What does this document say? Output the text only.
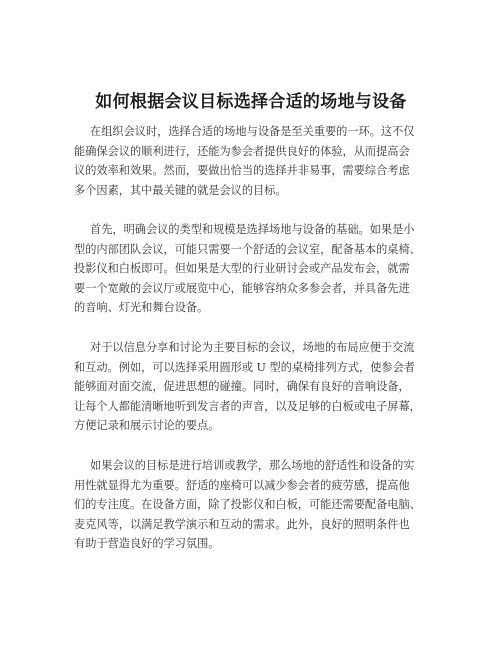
如何根据会议目标选择合适的场地与设备
在组织会议时，选择合适的场地与设备是至关重要的一环。这不仅
能确保会议的顺利进行，还能为参会者提供良好的体验，从而提高会
议的效率和效果。然而，要做出恰当的选择并非易事，需要综合考虑
多个因素，其中最关键的就是会议的目标。
首先，明确会议的类型和规模是选择场地与设备的基础。如果是小
型的内部团队会议，可能只需要一个舒适的会议室，配备基本的桌椅、
投影仪和白板即可。但如果是大型的行业研讨会或产品发布会，就需
要一个宽敞的会议厅或展览中心，能够容纳众多参会者，并具备先进
的音响、灯光和舞台设备。
对于以信息分享和讨论为主要目标的会议，场地的布局应便于交流
和互动。例如，可以选择采用圆形或 U 型的桌椅排列方式，使参会者
能够面对面交流，促进思想的碰撞。同时，确保有良好的音响设备，
让每个人都能清晰地听到发言者的声音，以及足够的白板或电子屏幕，
方便记录和展示讨论的要点。
如果会议的目标是进行培训或教学，那么场地的舒适性和设备的实
用性就显得尤为重要。舒适的座椅可以减少参会者的疲劳感，提高他
们的专注度。在设备方面，除了投影仪和白板，可能还需要配备电脑、
麦克风等，以满足教学演示和互动的需求。此外，良好的照明条件也
有助于营造良好的学习氛围。
